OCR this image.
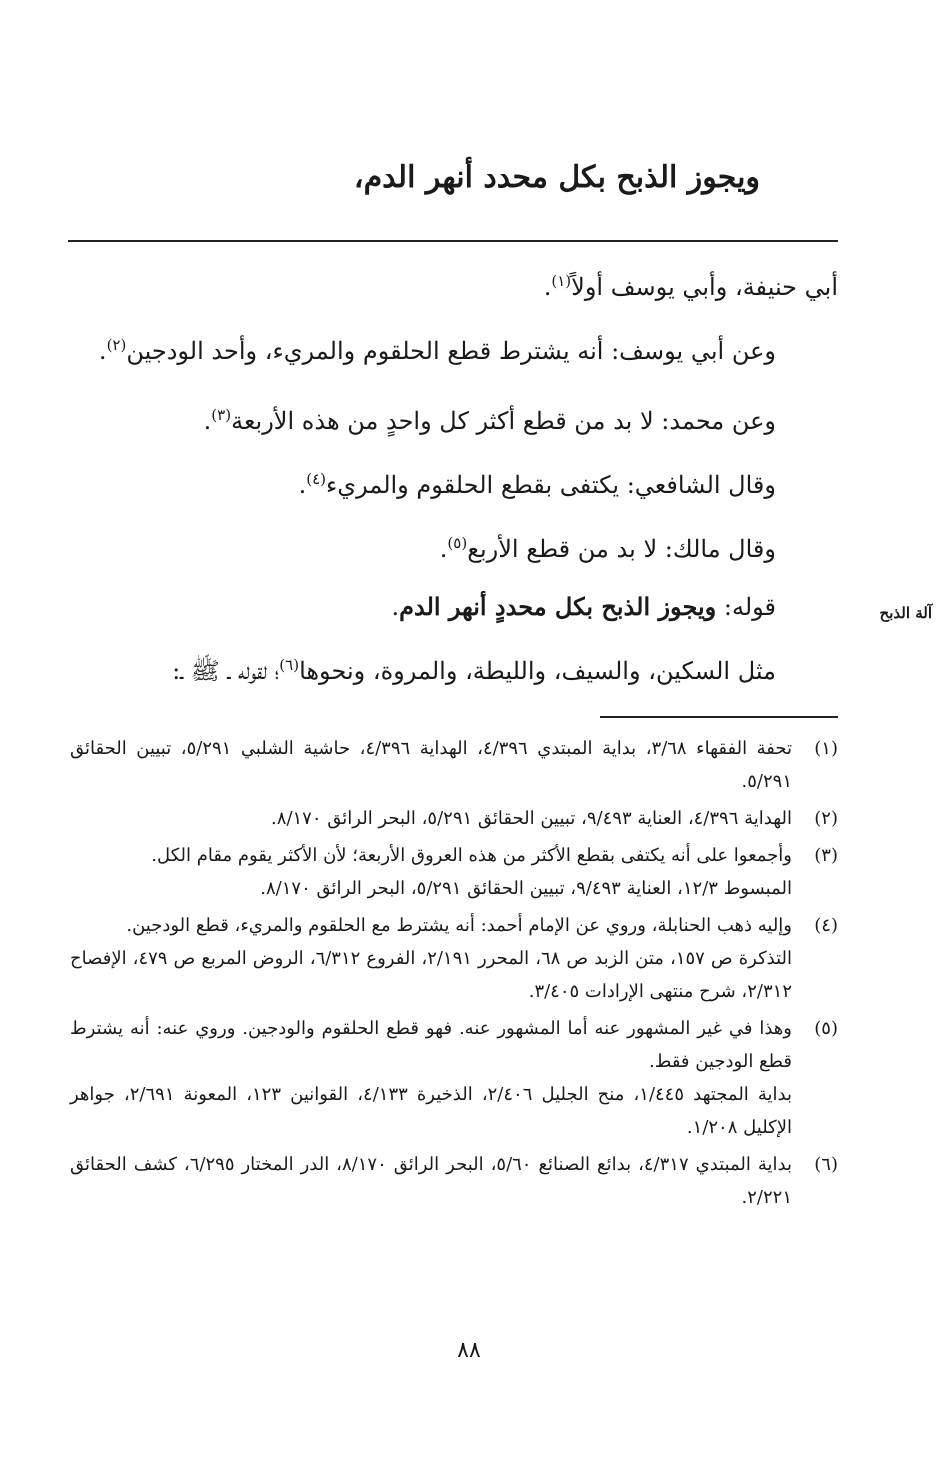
ويجوز الذبح بكل محدد أنهر الدم،

أبي حنيفة، وأبي يوسف أولاً$^{(١)}$.

وعن أبي يوسف: أنه يشترط قطع الحلقوم والمريء، وأحد الودجين$^{(٢)}$.

وعن محمد: لا بد من قطع أكثر كل واحدٍ من هذه الأربعة$^{(٣)}$.

وقال الشافعي: يكتفى بقطع الحلقوم والمريء$^{(٤)}$.

وقال مالك: لا بد من قطع الأربع$^{(٥)}$.

قوله: ويجوز الذبح بكل محددٍ أنهر الدم.

مثل السكين، والسيف، والليطة، والمروة، ونحوها$^{(٦)}$؛ لقوله ـ ﷺ ـ:

آلة الذبح
(١)

تحفة الفقهاء ٣/٦٨، بداية المبتدي ٤/٣٩٦، الهداية ٤/٣٩٦، حاشية الشلبي ٥/٢٩١، تبيين الحقائق ٥/٢٩١.

(٢)

الهداية ٤/٣٩٦، العناية ٩/٤٩٣، تبيين الحقائق ٥/٢٩١، البحر الرائق ٨/١٧٠.

(٣)

وأجمعوا على أنه يكتفى بقطع الأكثر من هذه العروق الأربعة؛ لأن الأكثر يقوم مقام الكل.

المبسوط ١٢/٣، العناية ٩/٤٩٣، تبيين الحقائق ٥/٢٩١، البحر الرائق ٨/١٧٠.

(٤)

وإليه ذهب الحنابلة، وروي عن الإمام أحمد: أنه يشترط مع الحلقوم والمريء، قطع الودجين.

التذكرة ص ١٥٧، متن الزبد ص ٦٨، المحرر ٢/١٩١، الفروع ٦/٣١٢، الروض المربع ص ٤٧٩، الإفصاح ٢/٣١٢، شرح منتهى الإرادات ٣/٤٠٥.

(٥)

وهذا في غير المشهور عنه أما المشهور عنه. فهو قطع الحلقوم والودجين. وروي عنه: أنه يشترط قطع الودجين فقط.

بداية المجتهد ١/٤٤٥، منح الجليل ٢/٤٠٦، الذخيرة ٤/١٣٣، القوانين ١٢٣، المعونة ٢/٦٩١، جواهر الإكليل ١/٢٠٨.

(٦)

بداية المبتدي ٤/٣١٧، بدائع الصنائع ٥/٦٠، البحر الرائق ٨/١٧٠، الدر المختار ٦/٢٩٥، كشف الحقائق ٢/٢٢١.

٨٨
